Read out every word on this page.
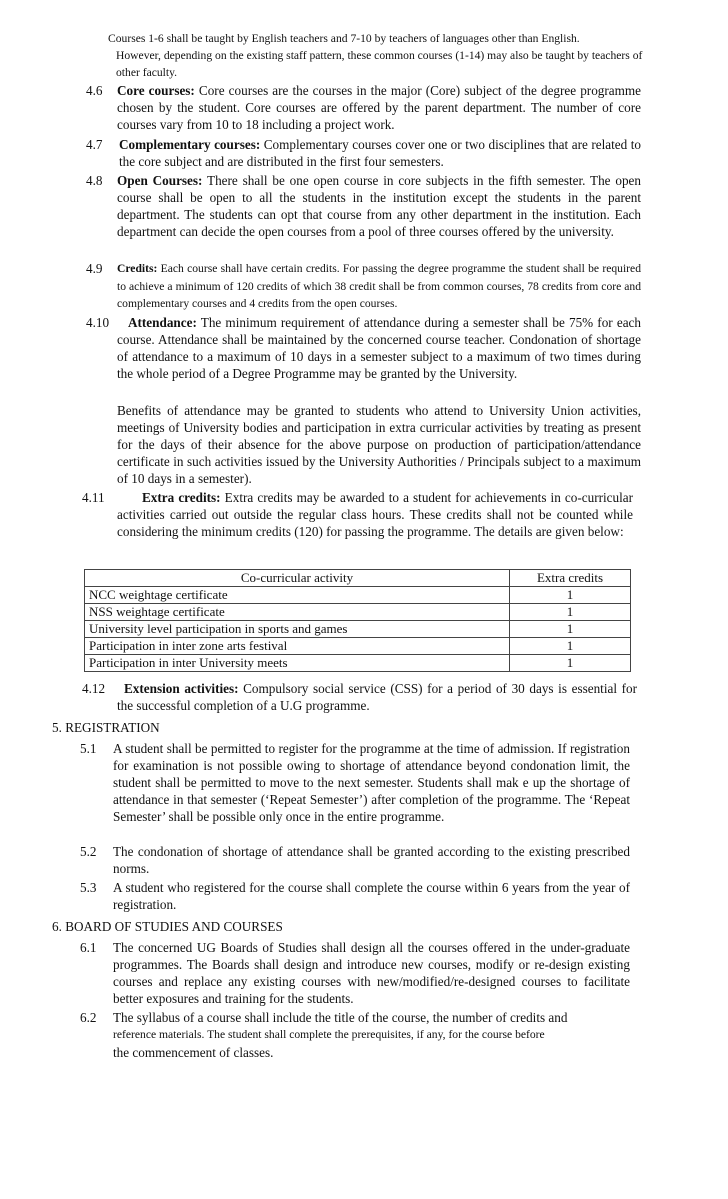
Courses 1-6 shall be taught by English teachers and 7-10 by teachers of languages other than English.
However, depending on the existing staff pattern, these common courses (1-14) may also be taught by teachers of other faculty.
4.6 Core courses: Core courses are the courses in the major (Core) subject of the degree programme chosen by the student. Core courses are offered by the parent department. The number of core courses vary from 10 to 18 including a project work.
4.7 Complementary courses: Complementary courses cover one or two disciplines that are related to the core subject and are distributed in the first four semesters.
4.8 Open Courses: There shall be one open course in core subjects in the fifth semester. The open course shall be open to all the students in the institution except the students in the parent department. The students can opt that course from any other department in the institution. Each department can decide the open courses from a pool of three courses offered by the university.
4.9 Credits: Each course shall have certain credits. For passing the degree programme the student shall be required to achieve a minimum of 120 credits of which 38 credit shall be from common courses, 78 credits from core and complementary courses and 4 credits from the open courses.
4.10	Attendance: The minimum requirement of attendance during a semester shall be 75% for each course. Attendance shall be maintained by the concerned course teacher. Condonation of shortage of attendance to a maximum of 10 days in a semester subject to a maximum of two times during the whole period of a Degree Programme may be granted by the University.
Benefits of attendance may be granted to students who attend to University Union activities, meetings of University bodies and participation in extra curricular activities by treating as present for the days of their absence for the above purpose on production of participation/attendance certificate in such activities issued by the University Authorities / Principals subject to a maximum of 10 days in a semester).
4.11	Extra credits: Extra credits may be awarded to a student for achievements in co-curricular activities carried out outside the regular class hours. These credits shall not be counted while considering the minimum credits (120) for passing the programme. The details are given below:
Co-curricular activity	Extra credits
NCC weightage certificate	1
NSS weightage certificate	1
University level participation in sports and games	1
Participation in inter zone arts festival	1
Participation in inter University meets	1
4.12	Extension activities: Compulsory social service (CSS) for a period of 30 days is essential for the successful completion of a U.G programme.
5. REGISTRATION
5.1 A student shall be permitted to register for the programme at the time of admission. If registration for examination is not possible owing to shortage of attendance beyond condonation limit, the student shall be permitted to move to the next semester. Students shall mak e up the shortage of attendance in that semester (‘Repeat Semester’) after completion of the programme. The ‘Repeat Semester’ shall be possible only once in the entire programme.
5.2 The condonation of shortage of attendance shall be granted according to the existing prescribed norms.
5.3 A student who registered for the course shall complete the course within 6 years from the year of registration.
6. BOARD OF STUDIES AND COURSES
6.1 The concerned UG Boards of Studies shall design all the courses offered in the under-graduate programmes. The Boards shall design and introduce new courses, modify or re-design existing courses and replace any existing courses with new/modified/re-designed courses to facilitate better exposures and training for the students.
6.2 The syllabus of a course shall include the title of the course, the number of credits and
reference materials. The student shall complete the prerequisites, if any, for the course before
the commencement of classes.
